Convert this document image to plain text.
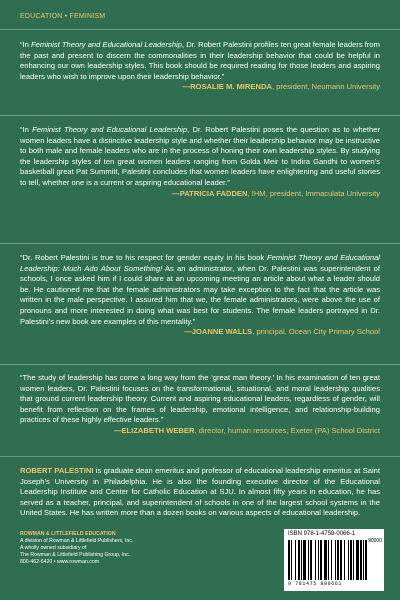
EDUCATION • FEMINISM
“In Feminist Theory and Educational Leadership, Dr. Robert Palestini profiles ten great female leaders from the past and present to discern the commonalities in their leadership behavior that could be helpful in enhancing our own leadership styles. This book should be required reading for those leaders and aspiring leaders who wish to improve upon their leadership behavior.”
—ROSALIE M. MIRENDA, president, Neumann University
“In Feminist Theory and Educational Leadership, Dr. Robert Palestini poses the question as to whether women leaders have a distinctive leadership style and whether their leadership behavior may be instructive to both male and female leaders who are in the process of honing their own leadership styles. By studying the leadership styles of ten great women leaders ranging from Golda Meir to Indira Gandhi to women’s basketball great Pat Summitt, Palestini concludes that women leaders have enlightening and useful stories to tell, whether one is a current or aspiring educational leader.”
—PATRICIA FADDEN, IHM, president, Immaculata University
“Dr. Robert Palestini is true to his respect for gender equity in his book Feminist Theory and Educational Leadership: Much Ado About Something! As an administrator, when Dr. Palestini was superintendent of schools, I once asked him if I could share at an upcoming meeting an article about what a leader should be. He cautioned me that the female administrators may take exception to the fact that the article was written in the male perspective. I assured him that we, the female administrators, were above the use of pronouns and more interested in doing what was best for students. The female leaders portrayed in Dr. Palestini’s new book are examples of this mentality.”
—JOANNE WALLS, principal, Ocean City Primary School
“The study of leadership has come a long way from the ‘great man theory.’ In his examination of ten great women leaders, Dr. Palestini focuses on the transformational, situational, and moral leadership qualities that ground current leadership theory. Current and aspiring educational leaders, regardless of gender, will benefit from reflection on the frames of leadership, emotional intelligence, and relationship-building practices of these highly effective leaders.”
—ELIZABETH WEBER, director, human resources, Exeter (PA) School District
ROBERT PALESTINI is graduate dean emeritus and professor of educational leadership emeritus at Saint Joseph’s University in Philadelphia. He is also the founding executive director of the Educational Leadership Institute and Center for Catholic Education at SJU. In almost fifty years in education, he has served as a teacher, principal, and superintendent of schools in one of the largest school systems in the United States. He has written more than a dozen books on various aspects of educational leadership.
ROWMAN & LITTLEFIELD EDUCATION
A division of Rowman & Littlefield Publishers, Inc.
A wholly owned subsidiary of
The Rowman & Littlefield Publishing Group, Inc.
800-462-6420 • www.rowman.com
ISBN 978-1-4758-0066-1
90000
9 781475 800661
